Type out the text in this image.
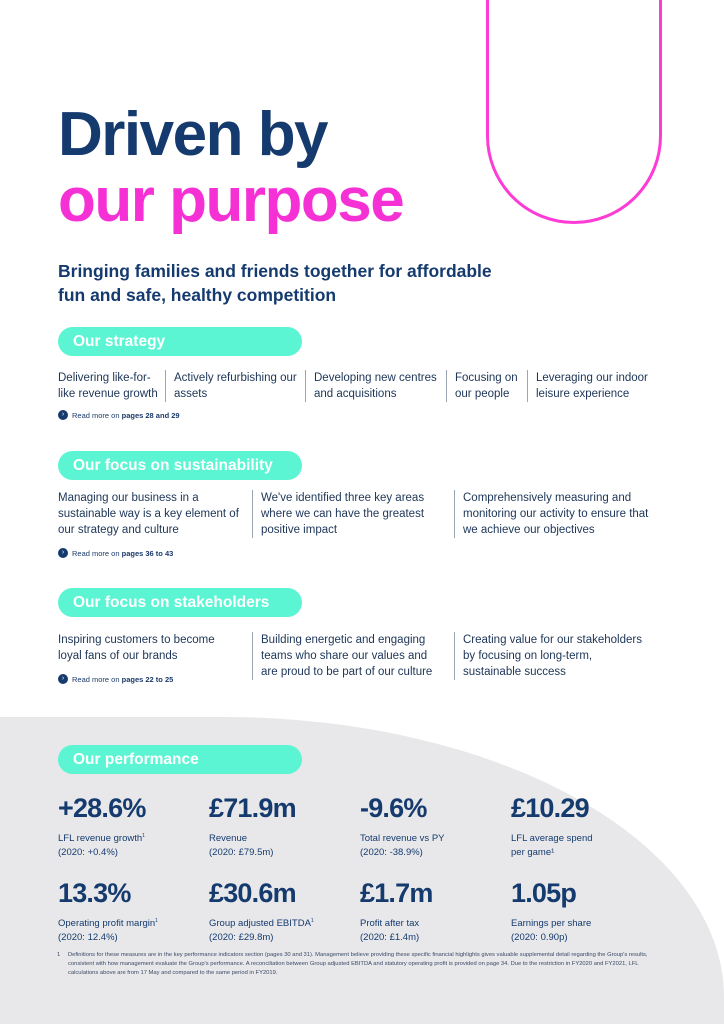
Driven by
our purpose

Bringing families and friends together for affordable fun and safe, healthy competition

Our strategy
Delivering like-for-like revenue growth
Actively refurbishing our assets
Developing new centres and acquisitions
Focusing on our people
Leveraging our indoor leisure experience
›	Read more on
pages 28 and 29
Our focus on sustainability
Managing our business in a sustainable way is a key element of our strategy and culture
We've identified three key areas where we can have the greatest positive impact
Comprehensively measuring and monitoring our activity to ensure that we achieve our objectives
›	Read more on
pages 36 to 43
Our focus on stakeholders
Inspiring customers to become loyal fans of our brands
Building energetic and engaging teams who share our values and are proud to be part of our culture
Creating value for our stakeholders by focusing on long-term, sustainable success
›	Read more on
pages 22 to 25
Our performance
+28.6%
LFL revenue growth$^1$
(2020: +0.4%)
£71.9m
Revenue
(2020: £79.5m)
-9.6%
Total revenue vs PY
(2020: -38.9%)
£10.29
LFL average spend
per game¹
13.3%
Operating profit margin$^1$
(2020: 12.4%)
£30.6m
Group adjusted EBITDA$^1$
(2020: £29.8m)
£1.7m
Profit after tax
(2020: £1.4m)
1.05p
Earnings per share
(2020: 0.90p)
1 Definitions for these measures are in the key performance indicators section (pages 30 and 31). Management believe providing these specific financial highlights gives valuable supplemental detail regarding the Group's results, consistent with how management evaluate the Group's performance. A reconciliation between Group adjusted EBITDA and statutory operating profit is provided on page 34. Due to the restriction in FY2020 and FY2021, LFL calculations above are from 17 May and compared to the same period in FY2019.
